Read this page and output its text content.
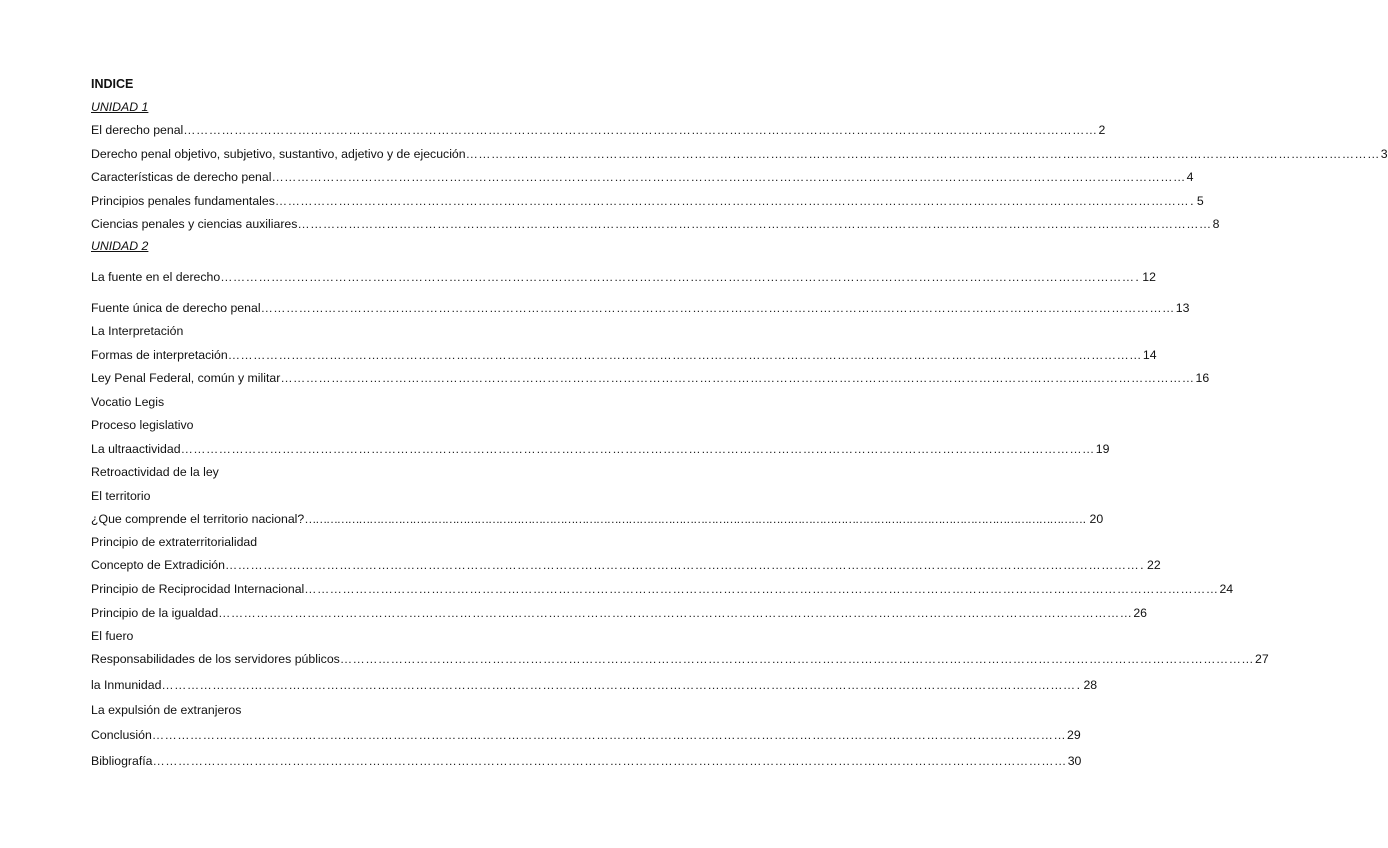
INDICE
UNIDAD 1
El derecho penal ……………………………………………………………………………………………………………………………………………………………………………………………… 2
Derecho penal objetivo, subjetivo, sustantivo, adjetivo y de ejecución ……………………………………………………………………………………………………………………………………………………………………………………………… 3
Características de derecho penal ……………………………………………………………………………………………………………………………………………………………………………………………… 4
Principios penales fundamentales ……………………………………………………………………………………………………………………………………………………………………………………………… . 5
Ciencias penales y ciencias auxiliares ……………………………………………………………………………………………………………………………………………………………………………………………… 8
UNIDAD 2
La fuente en el derecho ……………………………………………………………………………………………………………………………………………………………………………………………… . 12
Fuente única de derecho penal ……………………………………………………………………………………………………………………………………………………………………………………………… 13
La Interpretación
Formas de interpretación ……………………………………………………………………………………………………………………………………………………………………………………………… 14
Ley Penal Federal, común y militar ……………………………………………………………………………………………………………………………………………………………………………………………… 16
Vocatio Legis
Proceso legislativo
La ultraactividad ……………………………………………………………………………………………………………………………………………………………………………………………… 19
Retroactividad de la ley
El territorio
¿Que comprende el territorio nacional? ……………………………………………………………………………………………………………………………………………………………………………………………… . 20
Principio de extraterritorialidad
Concepto de Extradición ……………………………………………………………………………………………………………………………………………………………………………………………… . 22
Principio de Reciprocidad Internacional ……………………………………………………………………………………………………………………………………………………………………………………………… 24
Principio de la igualdad ……………………………………………………………………………………………………………………………………………………………………………………………… 26
El fuero
Responsabilidades de los servidores públicos ……………………………………………………………………………………………………………………………………………………………………………………………… 27
la Inmunidad ……………………………………………………………………………………………………………………………………………………………………………………………… . 28
La expulsión de extranjeros
Conclusión ……………………………………………………………………………………………………………………………………………………………………………………………… 29
Bibliografía ……………………………………………………………………………………………………………………………………………………………………………………………… 30
